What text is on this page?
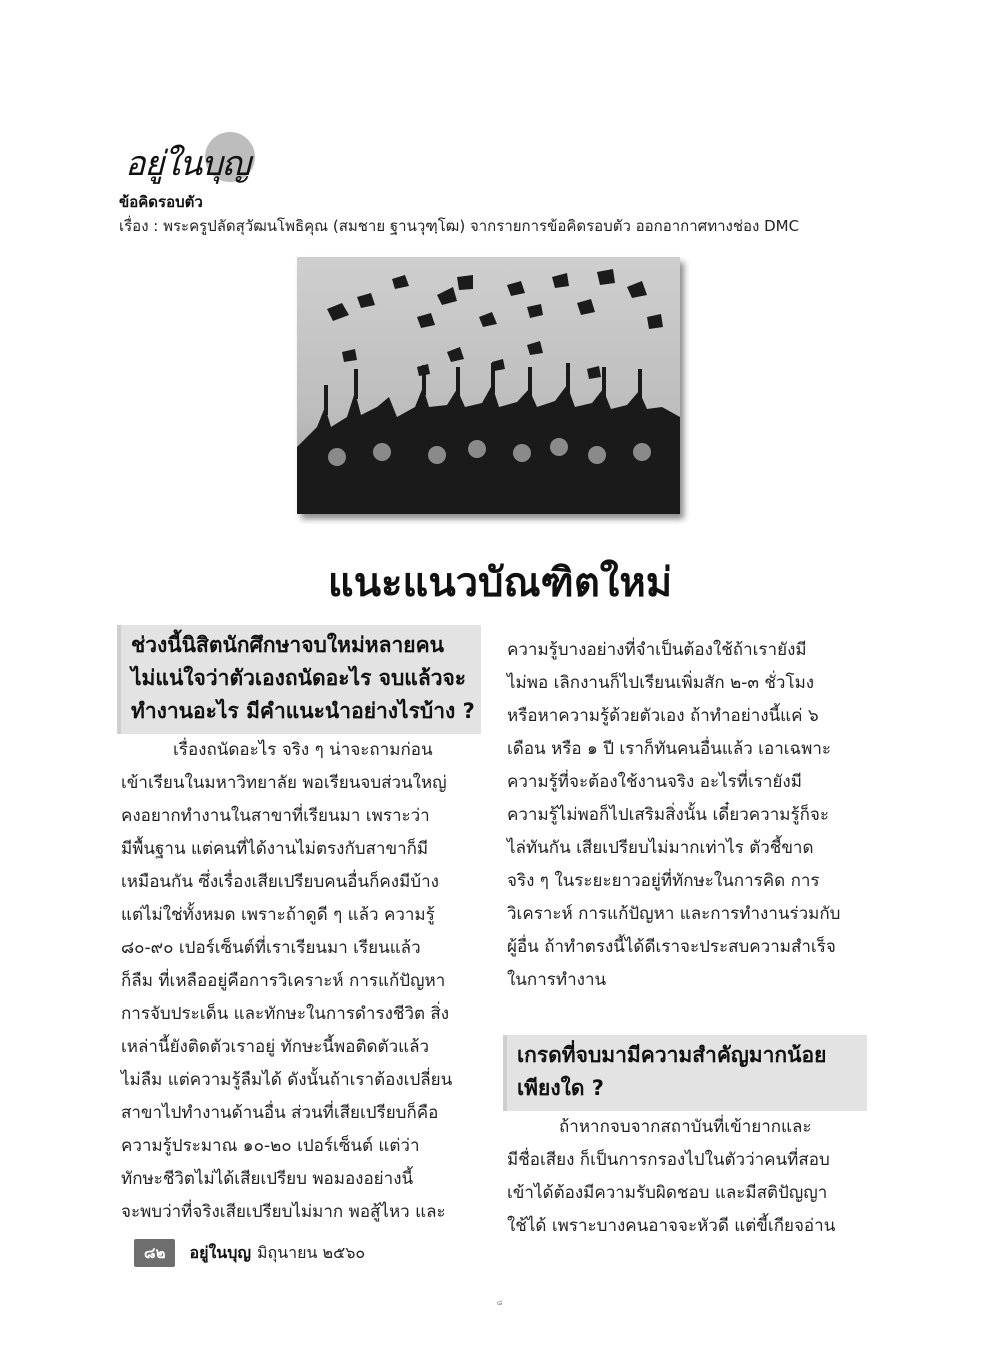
อยู่ในบุญ
ข้อคิดรอบตัว
เรื่อง : พระครูปลัดสุวัฒนโพธิคุณ (สมชาย ฐานวุฑฺโฒ) จากรายการข้อคิดรอบตัว ออกอากาศทางช่อง DMC
แนะแนวบัณฑิตใหม่
ช่วงนี้นิสิตนักศึกษาจบใหม่หลายคน
ไม่แน่ใจว่าตัวเองถนัดอะไร จบแล้วจะ
ทำงานอะไร มีคำแนะนำอย่างไรบ้าง ?
เรื่องถนัดอะไร จริง ๆ น่าจะถามก่อน
เข้าเรียนในมหาวิทยาลัย พอเรียนจบส่วนใหญ่
คงอยากทำงานในสาขาที่เรียนมา เพราะว่า
มีพื้นฐาน แต่คนที่ได้งานไม่ตรงกับสาขาก็มี
เหมือนกัน ซึ่งเรื่องเสียเปรียบคนอื่นก็คงมีบ้าง
แต่ไม่ใช่ทั้งหมด เพราะถ้าดูดี ๆ แล้ว ความรู้
๘๐-๙๐ เปอร์เซ็นต์ที่เราเรียนมา เรียนแล้ว
ก็ลืม ที่เหลืออยู่คือการวิเคราะห์ การแก้ปัญหา
การจับประเด็น และทักษะในการดำรงชีวิต สิ่ง
เหล่านี้ยังติดตัวเราอยู่ ทักษะนี้พอติดตัวแล้ว
ไม่ลืม แต่ความรู้ลืมได้ ดังนั้นถ้าเราต้องเปลี่ยน
สาขาไปทำงานด้านอื่น ส่วนที่เสียเปรียบก็คือ
ความรู้ประมาณ ๑๐-๒๐ เปอร์เซ็นต์ แต่ว่า
ทักษะชีวิตไม่ได้เสียเปรียบ พอมองอย่างนี้
จะพบว่าที่จริงเสียเปรียบไม่มาก พอสู้ไหว และ
ความรู้บางอย่างที่จำเป็นต้องใช้ถ้าเรายังมี
ไม่พอ เลิกงานก็ไปเรียนเพิ่มสัก ๒-๓ ชั่วโมง
หรือหาความรู้ด้วยตัวเอง ถ้าทำอย่างนี้แค่ ๖
เดือน หรือ ๑ ปี เราก็ทันคนอื่นแล้ว เอาเฉพาะ
ความรู้ที่จะต้องใช้งานจริง อะไรที่เรายังมี
ความรู้ไม่พอก็ไปเสริมสิ่งนั้น เดี๋ยวความรู้ก็จะ
ไล่ทันกัน เสียเปรียบไม่มากเท่าไร ตัวชี้ขาด
จริง ๆ ในระยะยาวอยู่ที่ทักษะในการคิด การ
วิเคราะห์ การแก้ปัญหา และการทำงานร่วมกับ
ผู้อื่น ถ้าทำตรงนี้ได้ดีเราจะประสบความสำเร็จ
ในการทำงาน
เกรดที่จบมามีความสำคัญมากน้อย
เพียงใด ?
ถ้าหากจบจากสถาบันที่เข้ายากและ
มีชื่อเสียง ก็เป็นการกรองไปในตัวว่าคนที่สอบ
เข้าได้ต้องมีความรับผิดชอบ และมีสติปัญญา
ใช้ได้ เพราะบางคนอาจจะหัวดี แต่ขี้เกียจอ่าน
๘๒	อยู่ในบุญ มิถุนายน ๒๕๖๐
๘
